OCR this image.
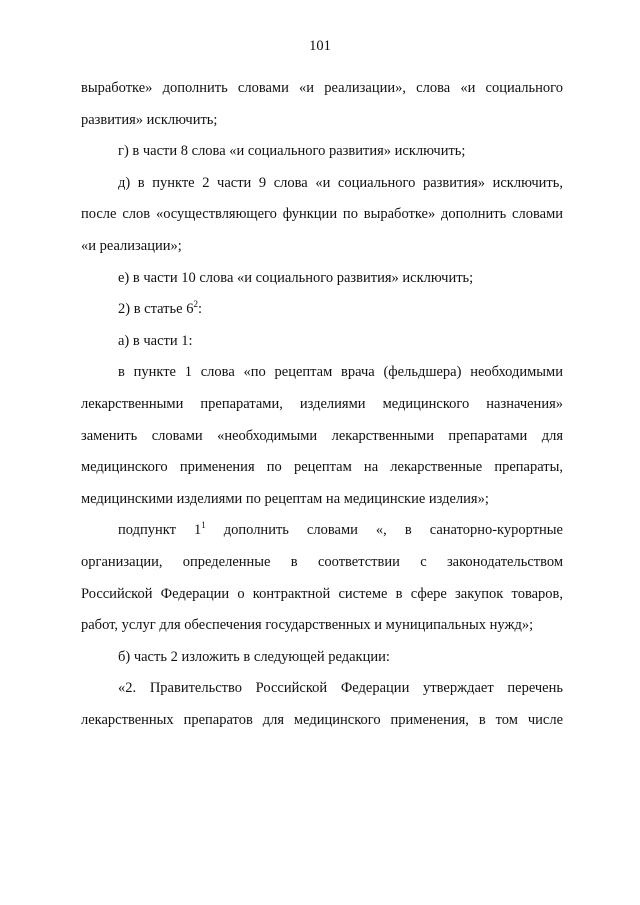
101
выработке» дополнить словами «и реализации», слова «и социального
развития» исключить;
г) в части 8 слова «и социального развития» исключить;
д) в пункте 2 части 9 слова «и социального развития» исключить,
после слов «осуществляющего функции по выработке» дополнить словами
«и реализации»;
е) в части 10 слова «и социального развития» исключить;
2) в статье $6^2$:
а) в части 1:
в пункте 1 слова «по рецептам врача (фельдшера) необходимыми
лекарственными препаратами, изделиями медицинского назначения»
заменить словами «необходимыми лекарственными препаратами для
медицинского применения по рецептам на лекарственные препараты,
медицинскими изделиями по рецептам на медицинские изделия»;
подпункт $1^1$ дополнить словами «, в санаторно-курортные
организации, определенные в соответствии с законодательством
Российской Федерации о контрактной системе в сфере закупок товаров,
работ, услуг для обеспечения государственных и муниципальных нужд»;
б) часть 2 изложить в следующей редакции:
«2. Правительство Российской Федерации утверждает перечень
лекарственных препаратов для медицинского применения, в том числе
